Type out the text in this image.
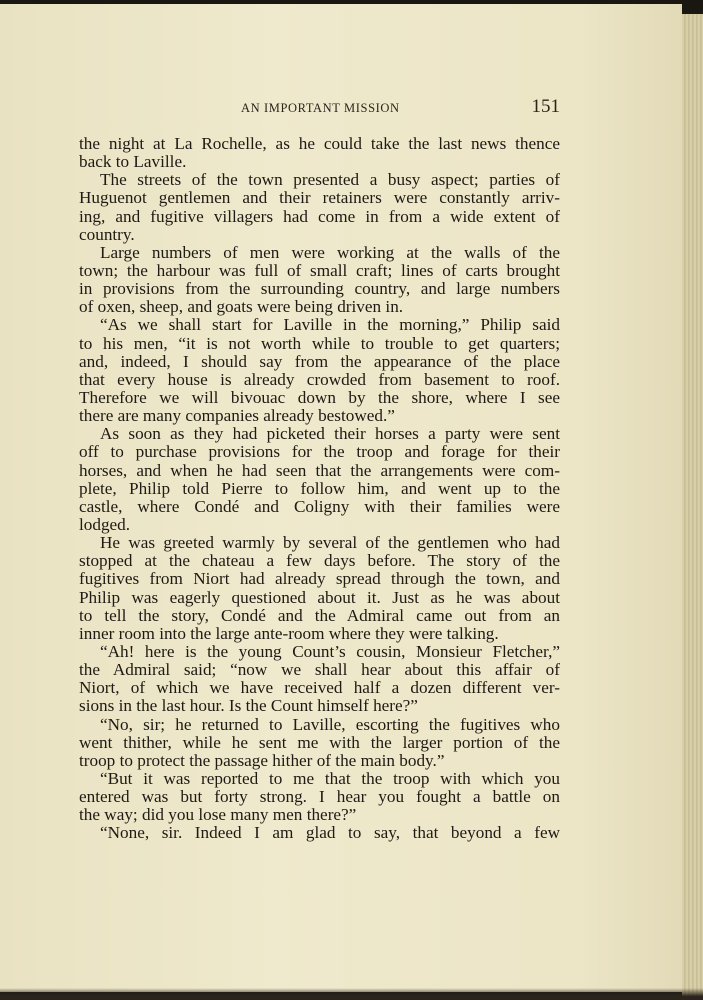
AN IMPORTANT MISSION	151
the night at La Rochelle, as he could take the last news thence
back to Laville.
The streets of the town presented a busy aspect; parties of
Huguenot gentlemen and their retainers were constantly arriv-
ing, and fugitive villagers had come in from a wide extent of
country.
Large numbers of men were working at the walls of the
town; the harbour was full of small craft; lines of carts brought
in provisions from the surrounding country, and large numbers
of oxen, sheep, and goats were being driven in.
“As we shall start for Laville in the morning,” Philip said
to his men, “it is not worth while to trouble to get quarters;
and, indeed, I should say from the appearance of the place
that every house is already crowded from basement to roof.
Therefore we will bivouac down by the shore, where I see
there are many companies already bestowed.”
As soon as they had picketed their horses a party were sent
off to purchase provisions for the troop and forage for their
horses, and when he had seen that the arrangements were com-
plete, Philip told Pierre to follow him, and went up to the
castle, where Condé and Coligny with their families were
lodged.
He was greeted warmly by several of the gentlemen who had
stopped at the chateau a few days before. The story of the
fugitives from Niort had already spread through the town, and
Philip was eagerly questioned about it. Just as he was about
to tell the story, Condé and the Admiral came out from an
inner room into the large ante-room where they were talking.
“Ah! here is the young Count’s cousin, Monsieur Fletcher,”
the Admiral said; “now we shall hear about this affair of
Niort, of which we have received half a dozen different ver-
sions in the last hour. Is the Count himself here?”
“No, sir; he returned to Laville, escorting the fugitives who
went thither, while he sent me with the larger portion of the
troop to protect the passage hither of the main body.”
“But it was reported to me that the troop with which you
entered was but forty strong. I hear you fought a battle on
the way; did you lose many men there?”
“None, sir. Indeed I am glad to say, that beyond a few
